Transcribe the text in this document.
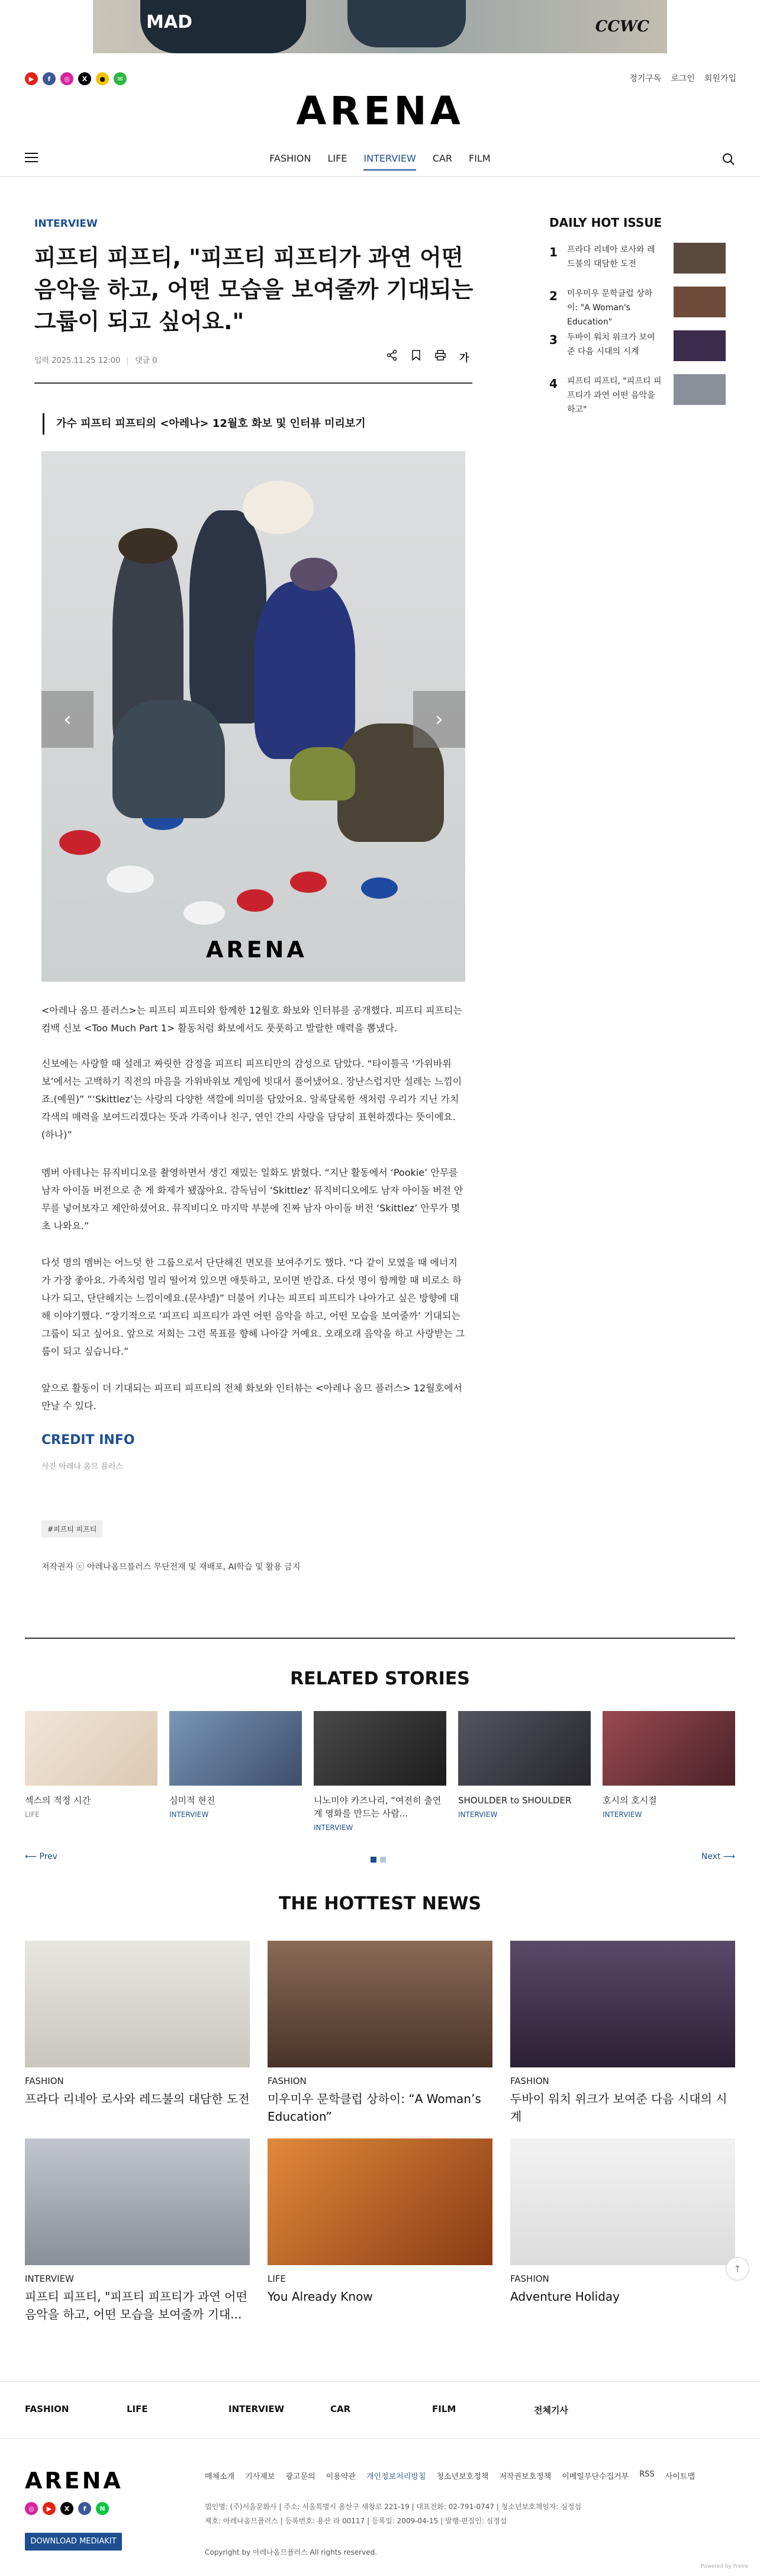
MAD	CCWC
▶	f	◎	X	●	✉	정기구독 로그인 회원가입
ARENA
FASHION LIFE INTERVIEW CAR FILM
INTERVIEW
피프티 피프티, "피프티 피프티가 과연 어떤 음악을 하고, 어떤 모습을 보여줄까 기대되는 그룹이 되고 싶어요."
입력 2025.11.25 12:00 | 댓글 0	가
가수 피프티 피프티의 <아레나> 12월호 화보 및 인터뷰 미리보기
ARENA
‹	›

<아레나 옴므 플러스>는 피프티 피프티와 함께한 12월호 화보와 인터뷰를 공개했다. 피프티 피프티는 컴백 신보 <Too Much Part 1> 활동처럼 화보에서도 풋풋하고 발랄한 매력을 뽐냈다.

신보에는 사랑할 때 설레고 짜릿한 감정을 피프티 피프티만의 감성으로 담았다. “타이틀곡 ‘가위바위보’에서는 고백하기 직전의 마음을 가위바위보 게임에 빗대서 풀어냈어요. 장난스럽지만 설레는 느낌이죠.(예원)” “‘Skittlez’는 사랑의 다양한 색깔에 의미를 담았어요. 알록달록한 색처럼 우리가 지닌 가치각색의 매력을 보여드리겠다는 뜻과 가족이나 친구, 연인 간의 사랑을 담당히 표현하겠다는 뜻이에요.(하나)”

멤버 아테나는 뮤직비디오를 촬영하면서 생긴 재밌는 일화도 밝혔다. “지난 활동에서 ‘Pookie’ 안무를 남자 아이돌 버전으로 춘 게 화제가 됐잖아요. 감독님이 ‘Skittlez’ 뮤직비디오에도 남자 아이돌 버전 안무를 넣어보자고 제안하셨어요. 뮤직비디오 마지막 부분에 진짜 남자 아이돌 버전 ‘Skittlez’ 안무가 몇 초 나와요.”

다섯 명의 멤버는 어느덧 한 그룹으로서 단단해진 면모를 보여주기도 했다. “다 같이 모였을 때 에너지가 가장 좋아요. 가족처럼 멀리 떨어져 있으면 애틋하고, 모이면 반갑죠. 다섯 명이 함께할 때 비로소 하나가 되고, 단단해지는 느낌이에요.(문샤넬)” 더불어 키나는 피프티 피프티가 나아가고 싶은 방향에 대해 이야기했다. “장기적으로 ‘피프티 피프티가 과연 어떤 음악을 하고, 어떤 모습을 보여줄까’ 기대되는 그룹이 되고 싶어요. 앞으로 저희는 그런 목표를 향해 나아갈 거예요. 오래오래 음악을 하고 사랑받는 그룹이 되고 싶습니다.”

앞으로 활동이 더 기대되는 피프티 피프티의 전체 화보와 인터뷰는 <아레나 옴므 플러스> 12월호에서 만날 수 있다.

CREDIT INFO
사진 아레나 옴므 플러스
#피프티 피프티
저작권자 ⓒ 아레나옴므플러스 무단전재 및 재배포, AI학습 및 활용 금지
DAILY HOT ISSUE
1 프라다 리네아 로사와 레드불의 대담한 도전
2 미우미우 문학클럽 상하이: "A Woman's Education"
3 두바이 워치 위크가 보여준 다음 시대의 시계
4 피프티 피프티, "피프티 피프티가 과연 어떤 음악을 하고"
RELATED STORIES
섹스의 적정 시간
LIFE
심미적 현진
INTERVIEW
니노미야 카즈나리, “여전히 출연계 영화를 만드는 사람...
INTERVIEW
SHOULDER to SHOULDER
INTERVIEW
호시의 호시절
INTERVIEW
⟵ Prev	Next ⟶
THE HOTTEST NEWS
FASHION
프라다 리네아 로사와 레드불의 대담한 도전
FASHION
미우미우 문학클럽 상하이: “A Woman’s Education”
FASHION
두바이 워치 위크가 보여준 다음 시대의 시계
INTERVIEW
피프티 피프티, "피프티 피프티가 과연 어떤 음악을 하고, 어떤 모습을 보여줄까 기대...
LIFE
You Already Know
FASHION
Adventure Holiday
↑
FASHION	LIFE	INTERVIEW	CAR	FILM	전체기사
ARENA
◎	▶	X	f	N
DOWNLOAD MEDIAKIT
매체소개 기사제보 광고문의 이용약관 개인정보처리방침 청소년보호정책 저작권보호정책 이메일무단수집거부 RSS 사이트맵
법인명: (주)서울문화사 | 주소: 서울특별시 용산구 새창로 221-19 | 대표전화: 02-791-0747 | 청소년보호책임자: 심정섭
제호: 아레나옴므플러스 | 등록번호: 용산 라 00117 | 등록일: 2009-04-15 | 발행·편집인: 심정섭
Copyright by 아레나옴므플러스 All rights reserved.
Powered by Freiro
